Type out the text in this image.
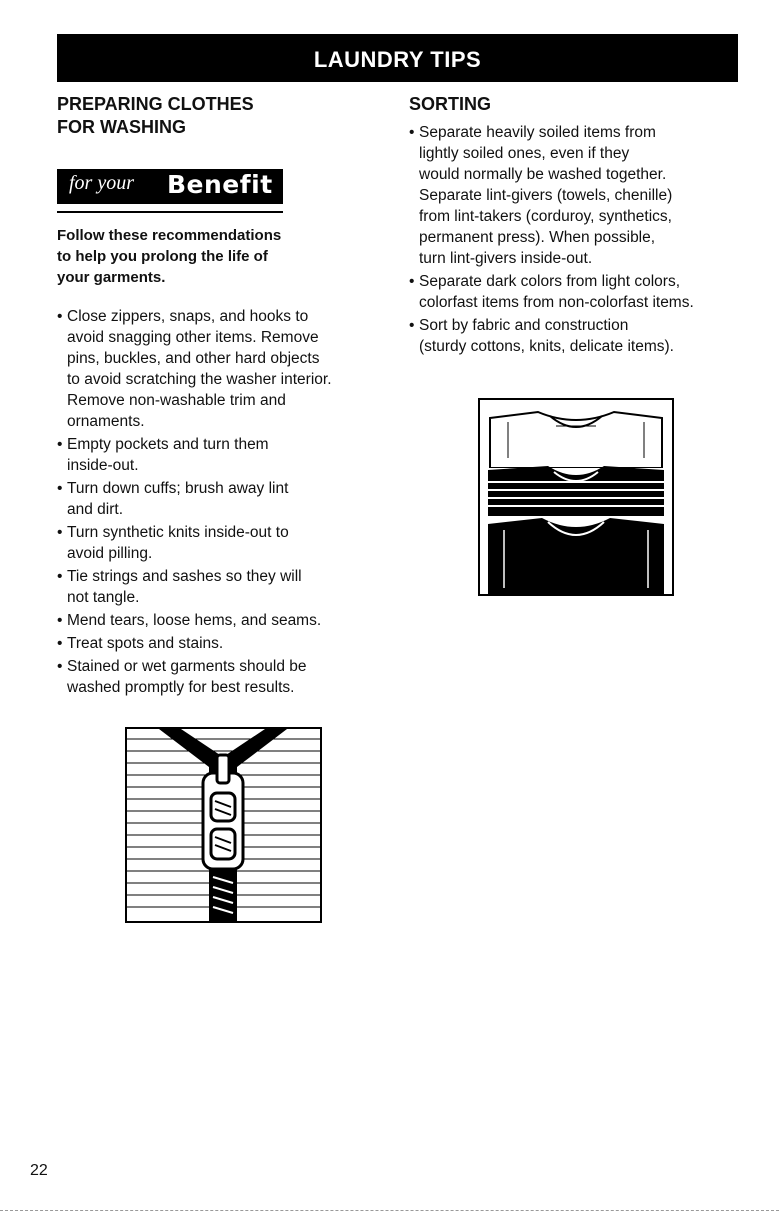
LAUNDRY TIPS
PREPARING CLOTHES
FOR WASHING
for your Benefit
Follow these recommendations
to help you prolong the life of
your garments.
• Close zippers, snaps, and hooks to
avoid snagging other items. Remove
pins, buckles, and other hard objects
to avoid scratching the washer interior.
Remove non-washable trim and
ornaments.
• Empty pockets and turn them
inside-out.
• Turn down cuffs; brush away lint
and dirt.
• Turn synthetic knits inside-out to
avoid pilling.
• Tie strings and sashes so they will
not tangle.
• Mend tears, loose hems, and seams.
• Treat spots and stains.
• Stained or wet garments should be
washed promptly for best results.
SORTING
• Separate heavily soiled items from
lightly soiled ones, even if they
would normally be washed together.
Separate lint-givers (towels, chenille)
from lint-takers (corduroy, synthetics,
permanent press). When possible,
turn lint-givers inside-out.
• Separate dark colors from light colors,
colorfast items from non-colorfast items.
• Sort by fabric and construction
(sturdy cottons, knits, delicate items).
22
